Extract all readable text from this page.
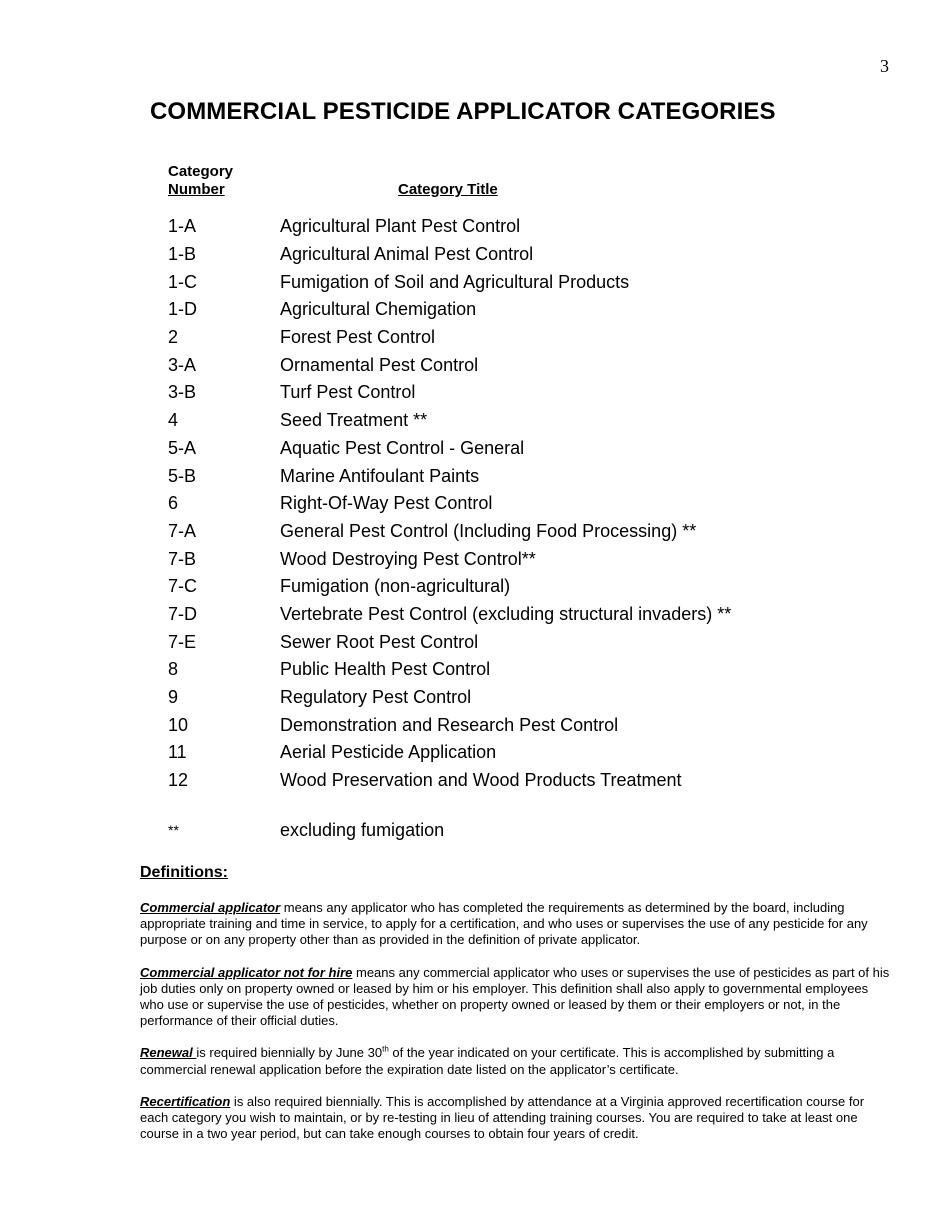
3
COMMERCIAL PESTICIDE APPLICATOR CATEGORIES
Category
Number	Category Title
1-A	Agricultural Plant Pest Control
1-B	Agricultural Animal Pest Control
1-C	Fumigation of Soil and Agricultural Products
1-D	Agricultural Chemigation
2	Forest Pest Control
3-A	Ornamental Pest Control
3-B	Turf Pest Control
4	Seed Treatment **
5-A	Aquatic Pest Control - General
5-B	Marine Antifoulant Paints
6	Right-Of-Way Pest Control
7-A	General Pest Control (Including Food Processing) **
7-B	Wood Destroying Pest Control**
7-C	Fumigation (non-agricultural)
7-D	Vertebrate Pest Control (excluding structural invaders) **
7-E	Sewer Root Pest Control
8	Public Health Pest Control
9	Regulatory Pest Control
10	Demonstration and Research Pest Control
11	Aerial Pesticide Application
12	Wood Preservation and Wood Products Treatment
**	excluding fumigation
Definitions:

Commercial applicator means any applicator who has completed the requirements as determined by the board, including appropriate training and time in service, to apply for a certification, and who uses or supervises the use of any pesticide for any purpose or on any property other than as provided in the definition of private applicator.

Commercial applicator not for hire means any commercial applicator who uses or supervises the use of pesticides as part of his job duties only on property owned or leased by him or his employer. This definition shall also apply to governmental employees who use or supervise the use of pesticides, whether on property owned or leased by them or their employers or not, in the performance of their official duties.

Renewal is required biennially by June 30th of the year indicated on your certificate. This is accomplished by submitting a commercial renewal application before the expiration date listed on the applicator’s certificate.

Recertification is also required biennially. This is accomplished by attendance at a Virginia approved recertification course for each category you wish to maintain, or by re-testing in lieu of attending training courses. You are required to take at least one course in a two year period, but can take enough courses to obtain four years of credit.
